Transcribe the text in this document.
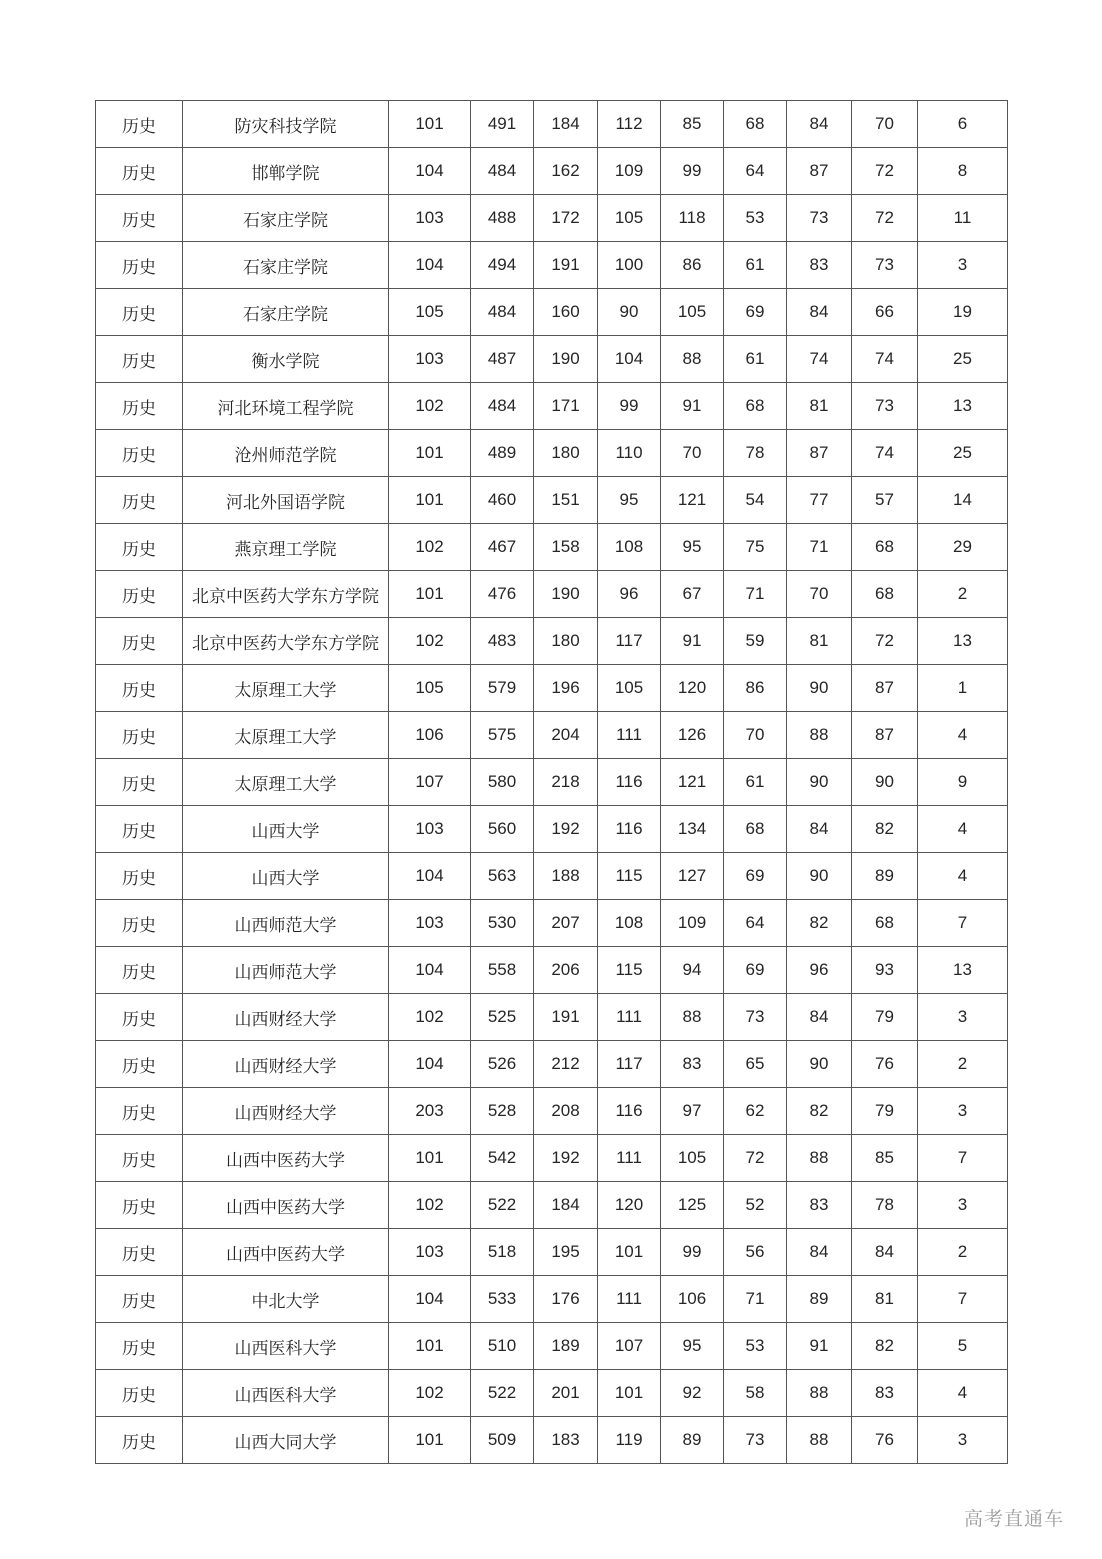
历史	防灾科技学院	101	491	184	112	85	68	84	70	6
历史	邯郸学院	104	484	162	109	99	64	87	72	8
历史	石家庄学院	103	488	172	105	118	53	73	72	11
历史	石家庄学院	104	494	191	100	86	61	83	73	3
历史	石家庄学院	105	484	160	90	105	69	84	66	19
历史	衡水学院	103	487	190	104	88	61	74	74	25
历史	河北环境工程学院	102	484	171	99	91	68	81	73	13
历史	沧州师范学院	101	489	180	110	70	78	87	74	25
历史	河北外国语学院	101	460	151	95	121	54	77	57	14
历史	燕京理工学院	102	467	158	108	95	75	71	68	29
历史	北京中医药大学东方学院	101	476	190	96	67	71	70	68	2
历史	北京中医药大学东方学院	102	483	180	117	91	59	81	72	13
历史	太原理工大学	105	579	196	105	120	86	90	87	1
历史	太原理工大学	106	575	204	111	126	70	88	87	4
历史	太原理工大学	107	580	218	116	121	61	90	90	9
历史	山西大学	103	560	192	116	134	68	84	82	4
历史	山西大学	104	563	188	115	127	69	90	89	4
历史	山西师范大学	103	530	207	108	109	64	82	68	7
历史	山西师范大学	104	558	206	115	94	69	96	93	13
历史	山西财经大学	102	525	191	111	88	73	84	79	3
历史	山西财经大学	104	526	212	117	83	65	90	76	2
历史	山西财经大学	203	528	208	116	97	62	82	79	3
历史	山西中医药大学	101	542	192	111	105	72	88	85	7
历史	山西中医药大学	102	522	184	120	125	52	83	78	3
历史	山西中医药大学	103	518	195	101	99	56	84	84	2
历史	中北大学	104	533	176	111	106	71	89	81	7
历史	山西医科大学	101	510	189	107	95	53	91	82	5
历史	山西医科大学	102	522	201	101	92	58	88	83	4
历史	山西大同大学	101	509	183	119	89	73	88	76	3
高考直通车
